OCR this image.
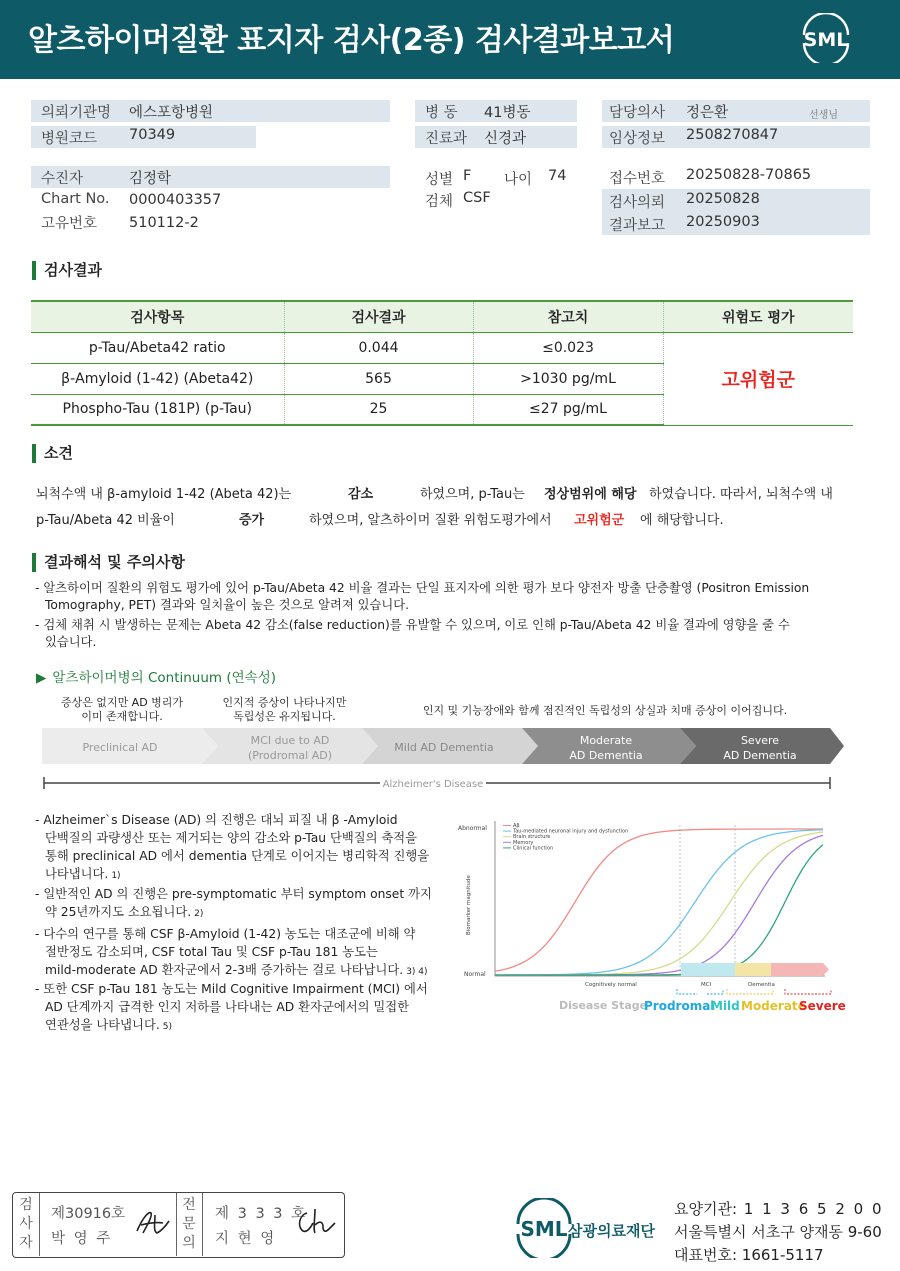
알츠하이머질환 표지자 검사(2종) 검사결과보고서	SML
의뢰기관명 에스포항병원
병원코드 70349
병 동 41병동
진료과 신경과
담당의사 정은환	선생님
임상정보 2508270847
수진자	김정학
Chart No. 0000403357
고유번호 510112-2
성별 F 나이 74
검체 CSF
접수번호 20250828-70865
검사의뢰 20250828
결과보고 20250903
검사결과
검사항목	검사결과	참고치	위험도 평가
p-Tau/Abeta42 ratio	0.044	≤0.023	고위험군
β-Amyloid (1-42) (Abeta42)	565	>1030 pg/mL	
Phospho-Tau (181P) (p-Tau)	25	≤27 pg/mL	
소견
뇌척수액 내 β-amyloid 1-42 (Abeta 42)는	감소	하였으며, p-Tau는 정상범위에 해당 하였습니다. 따라서, 뇌척수액 내
p-Tau/Abeta 42 비율이	증가	하였으며, 알츠하이머 질환 위험도평가에서 고위험군 에 해당합니다.
결과해석 및 주의사항
- 알츠하이머 질환의 위험도 평가에 있어 p-Tau/Abeta 42 비율 결과는 단일 표지자에 의한 평가 보다 양전자 방출 단층촬영 (Positron Emission
Tomography, PET) 결과와 일치율이 높은 것으로 알려져 있습니다.
- 검체 채취 시 발생하는 문제는 Abeta 42 감소(false reduction)를 유발할 수 있으며, 이로 인해 p-Tau/Abeta 42 비율 결과에 영향을 줄 수
있습니다.
▶ 알츠하이머병의 Continuum (연속성)
증상은 없지만 AD 병리가
이미 존재합니다.
인지적 증상이 나타나지만
독립성은 유지됩니다.	인지 및 기능장애와 함께 점진적인 독립성의 상실과 치매 증상이 이어집니다.
Preclinical AD
MCI due to AD
(Prodromal AD)
Mild AD Dementia
Moderate
AD Dementia
Severe
AD Dementia
Alzheimer's Disease
- Alzheimer`s Disease (AD) 의 진행은 대뇌 피질 내 β -Amyloid
단백질의 과량생산 또는 제거되는 양의 감소와 p-Tau 단백질의 축적을
통해 preclinical AD 에서 dementia 단계로 이어지는 병리학적 진행을
나타냅니다. 1)
- 일반적인 AD 의 진행은 pre-symptomatic 부터 symptom onset 까지
약 25년까지도 소요됩니다. 2)
- 다수의 연구를 통해 CSF β-Amyloid (1-42) 농도는 대조군에 비해 약
절반정도 감소되며, CSF total Tau 및 CSF p-Tau 181 농도는
mild-moderate AD 환자군에서 2-3배 증가하는 걸로 나타납니다. 3) 4)
- 또한 CSF p-Tau 181 농도는 Mild Cognitive Impairment (MCI) 에서
AD 단계까지 급격한 인지 저하를 나타내는 AD 환자군에서의 밀접한
연관성을 나타냅니다. 5)
Abnormal
Normal
Biomarker magnitude
Aβ
Tau-mediated neuronal injury and dysfunction
Brain structure
Memory
Clinical function
Cognitively normal	MCI	Dementia
Disease Stage
Prodromal
Mild Moderate
Severe
검
사
자
제30916호
박 영 주
전
문
의
제 3 3 3 호
지 현 영	SML 삼광의료재단
요양기관: 1 1 3 6 5 2 0 0
서울특별시 서초구 양재동 9-60
대표번호: 1661-5117
